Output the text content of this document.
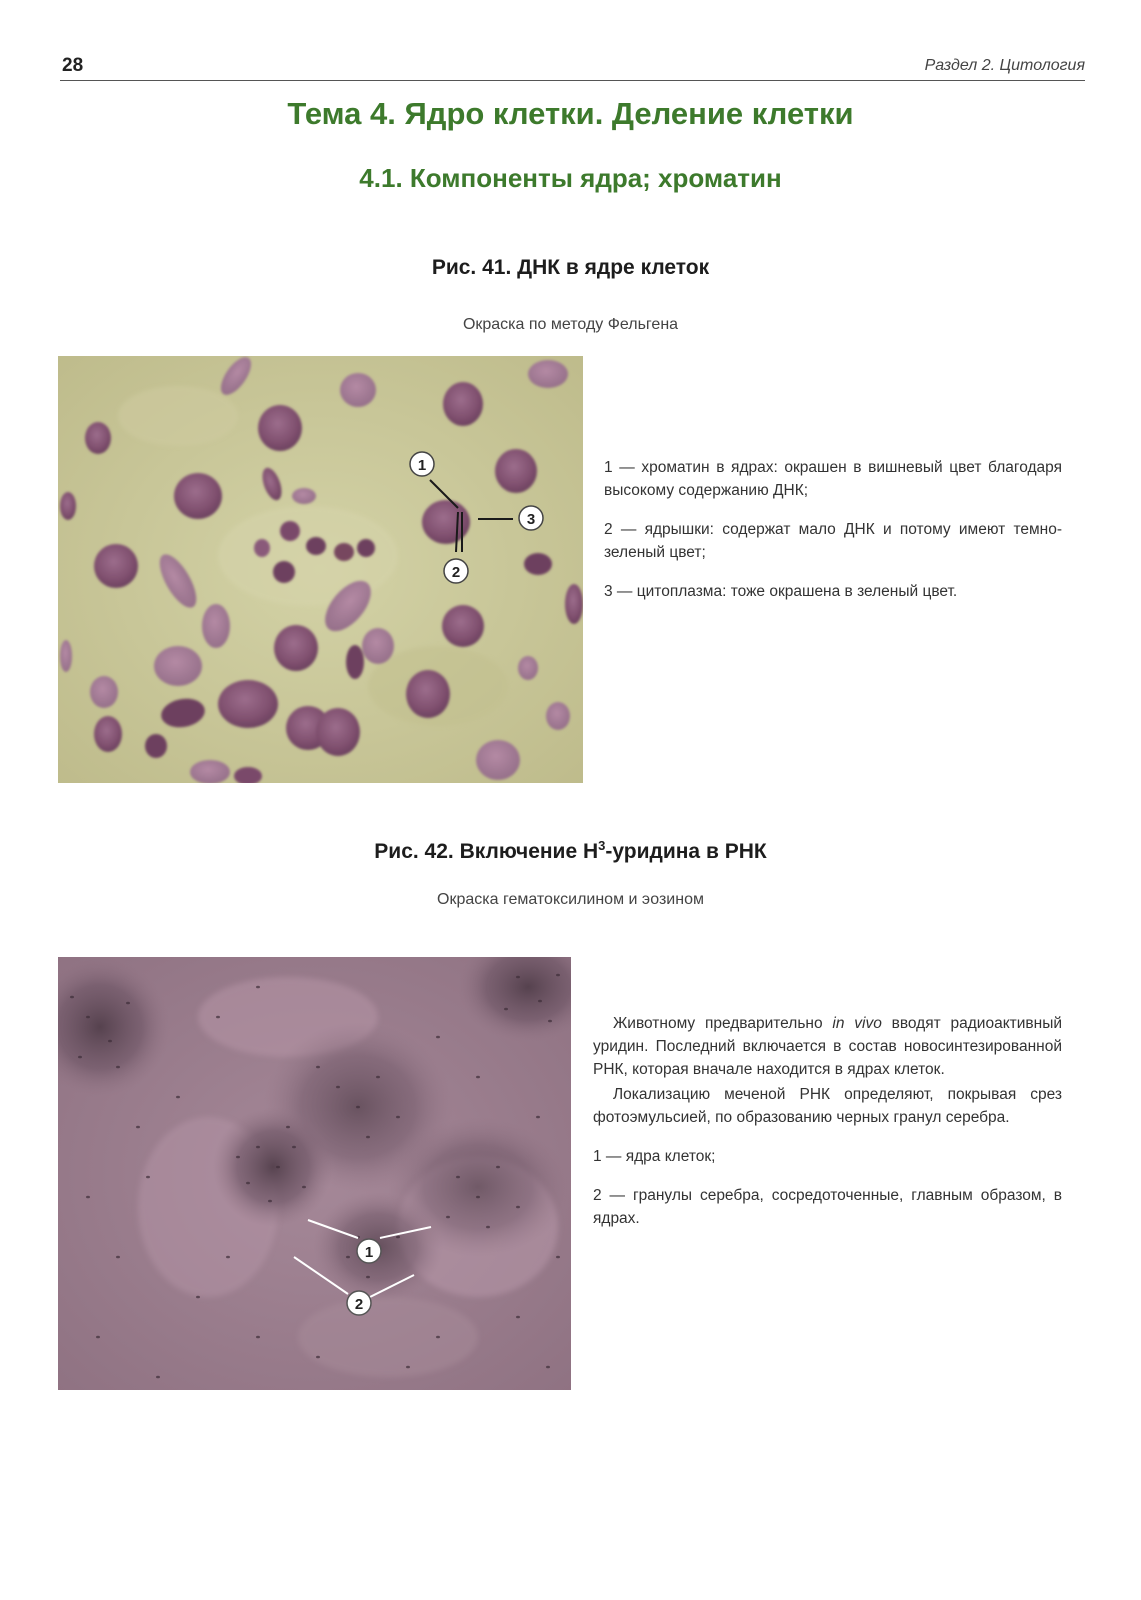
28	Раздел 2. Цитология
Тема 4. Ядро клетки. Деление клетки
4.1. Компоненты ядра; хроматин
Рис. 41. ДНК в ядре клеток
Окраска по методу Фельгена
1
2
3

1 — хроматин в ядрах: окрашен в вишневый цвет благодаря высокому содержанию ДНК;

2 — ядрышки: содержат мало ДНК и потому имеют темно-зеленый цвет;

3 — цитоплазма: тоже окрашена в зеленый цвет.

Рис. 42. Включение $Н^3$-уридина в РНК
Окраска гематоксилином и эозином
1
2

Животному предварительно in vivo вводят радиоактивный уридин. Последний включается в состав новосинтезированной РНК, которая вначале находится в ядрах клеток.

Локализацию меченой РНК определяют, покрывая срез фотоэмульсией, по образованию черных гранул серебра.

1 — ядра клеток;

2 — гранулы серебра, сосредоточенные, главным образом, в ядрах.
